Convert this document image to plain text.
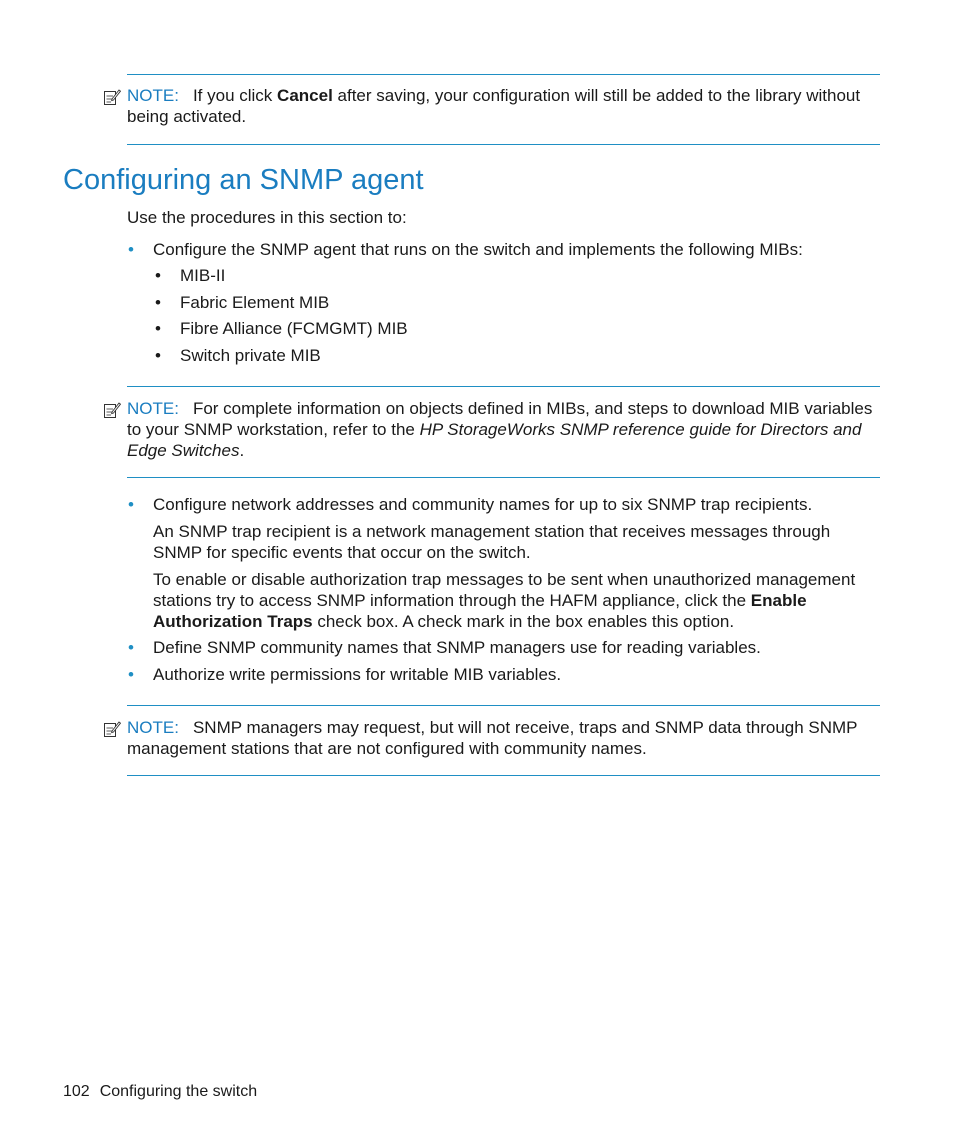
NOTE: If you click Cancel after saving, your configuration will still be added to the library without being activated.
Configuring an SNMP agent

Use the procedures in this section to:

• Configure the SNMP agent that runs on the switch and implements the following MIBs:
• MIB-II
• Fabric Element MIB
• Fibre Alliance (FCMGMT) MIB
• Switch private MIB
NOTE: For complete information on objects defined in MIBs, and steps to download MIB variables to your SNMP workstation, refer to the HP StorageWorks SNMP reference guide for Directors and Edge Switches.
• Configure network addresses and community names for up to six SNMP trap recipients.

An SNMP trap recipient is a network management station that receives messages through SNMP for specific events that occur on the switch.

To enable or disable authorization trap messages to be sent when unauthorized management stations try to access SNMP information through the HAFM appliance, click the Enable Authorization Traps check box. A check mark in the box enables this option.

• Define SNMP community names that SNMP managers use for reading variables.
• Authorize write permissions for writable MIB variables.
NOTE: SNMP managers may request, but will not receive, traps and SNMP data through SNMP management stations that are not configured with community names.
102 Configuring the switch
